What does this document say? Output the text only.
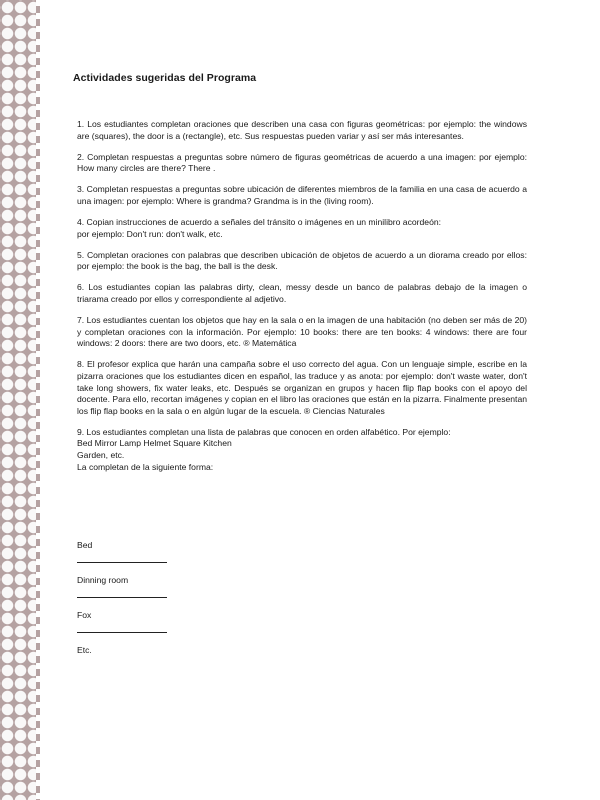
Actividades sugeridas del Programa

1. Los estudiantes completan oraciones que describen una casa con figuras geométricas: por ejemplo: the windows are (squares), the door is a (rectangle), etc. Sus respuestas pueden variar y así ser más interesantes.

2. Completan respuestas a preguntas sobre número de figuras geométricas de acuerdo a una imagen: por ejemplo: How many circles are there? There .

3. Completan respuestas a preguntas sobre ubicación de diferentes miembros de la familia en una casa de acuerdo a una imagen: por ejemplo: Where is grandma? Grandma is in the (living room).

4. Copian instrucciones de acuerdo a señales del tránsito o imágenes en un minilibro acordeón:

por ejemplo: Don't run: don't walk, etc.

5. Completan oraciones con palabras que describen ubicación de objetos de acuerdo a un diorama creado por ellos: por ejemplo: the book is the bag, the ball is the desk.

6. Los estudiantes copian las palabras dirty, clean, messy desde un banco de palabras debajo de la imagen o triarama creado por ellos y correspondiente al adjetivo.

7. Los estudiantes cuentan los objetos que hay en la sala o en la imagen de una habitación (no deben ser más de 20) y completan oraciones con la información. Por ejemplo: 10 books: there are ten books: 4 windows: there are four windows: 2 doors: there are two doors, etc. ® Matemática

8. El profesor explica que harán una campaña sobre el uso correcto del agua. Con un lenguaje simple, escribe en la pizarra oraciones que los estudiantes dicen en español, las traduce y as anota: por ejemplo: don't waste water, don't take long showers, fix water leaks, etc. Después se organizan en grupos y hacen flip flap books con el apoyo del docente. Para ello, recortan imágenes y copian en el libro las oraciones que están en la pizarra. Finalmente presentan los flip flap books en la sala o en algún lugar de la escuela. ® Ciencias Naturales

9. Los estudiantes completan una lista de palabras que conocen en orden alfabético. Por ejemplo:

Bed Mirror Lamp Helmet Square Kitchen

Garden, etc.

La completan de la siguiente forma:

Bed
Dinning room
Fox
Etc.
